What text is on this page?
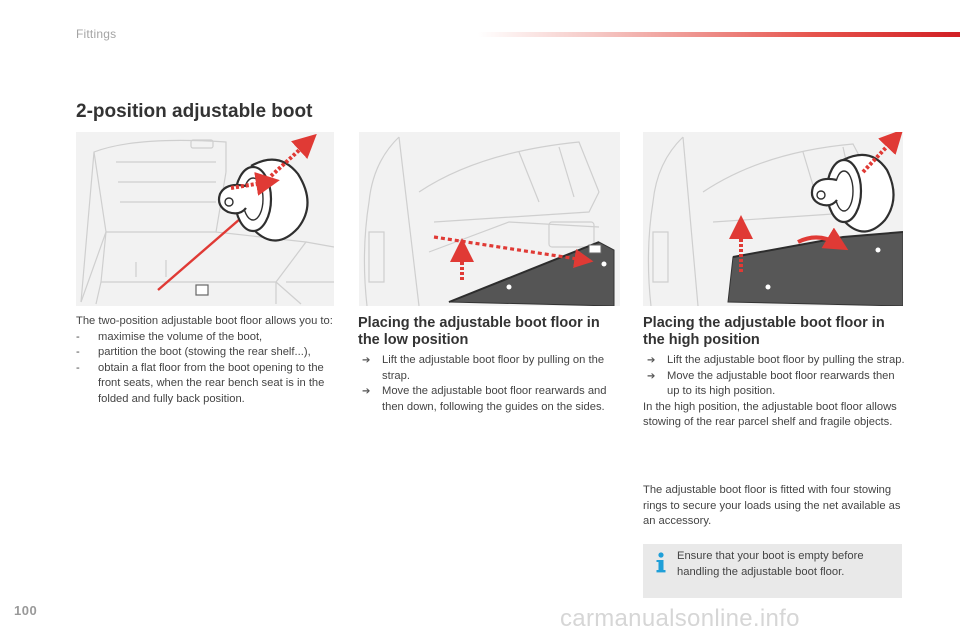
Fittings
2-position adjustable boot

The two-position adjustable boot floor allows you to:

- maximise the volume of the boot,
- partition the boot (stowing the rear shelf...),
- obtain a flat floor from the boot opening to the front seats, when the rear bench seat is in the folded and fully back position.
Placing the adjustable boot floor in the low position
➔ Lift the adjustable boot floor by pulling on the strap.
➔ Move the adjustable boot floor rearwards and then down, following the guides on the sides.
Placing the adjustable boot floor in the high position
➔ Lift the adjustable boot floor by pulling the strap.
➔ Move the adjustable boot floor rearwards then up to its high position.

In the high position, the adjustable boot floor allows stowing of the rear parcel shelf and fragile objects.

The adjustable boot floor is fitted with four stowing rings to secure your loads using the net available as an accessory.

Ensure that your boot is empty before handling the adjustable boot floor.
100	carmanualsonline.info
